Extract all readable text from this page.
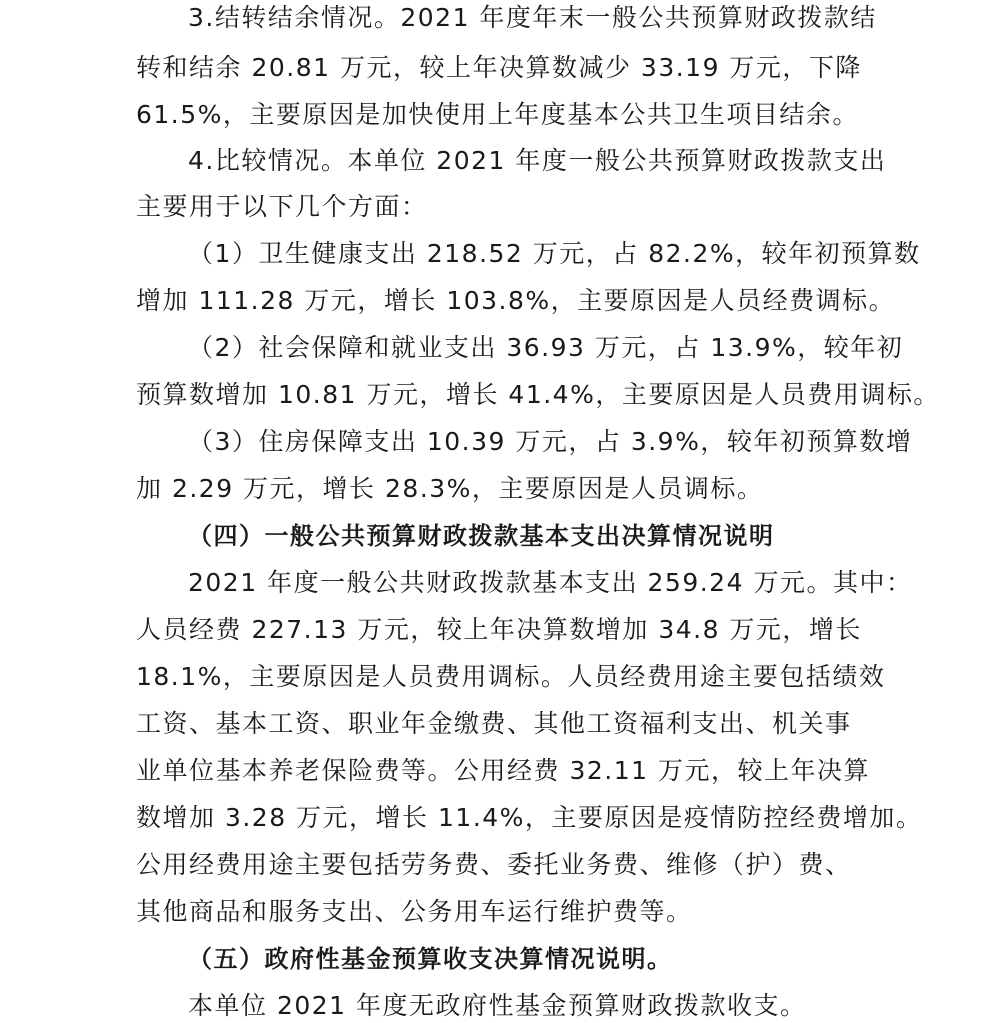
3.结转结余情况。2021 年度年末一般公共预算财政拨款结
转和结余 20.81 万元，较上年决算数减少 33.19 万元，下降
61.5%，主要原因是加快使用上年度基本公共卫生项目结余。
4.比较情况。本单位 2021 年度一般公共预算财政拨款支出
主要用于以下几个方面：
（1）卫生健康支出 218.52 万元，占 82.2%，较年初预算数
增加 111.28 万元，增长 103.8%，主要原因是人员经费调标。
（2）社会保障和就业支出 36.93 万元，占 13.9%，较年初
预算数增加 10.81 万元，增长 41.4%，主要原因是人员费用调标。
（3）住房保障支出 10.39 万元，占 3.9%，较年初预算数增
加 2.29 万元，增长 28.3%，主要原因是人员调标。
（四）一般公共预算财政拨款基本支出决算情况说明
2021 年度一般公共财政拨款基本支出 259.24 万元。其中：
人员经费 227.13 万元，较上年决算数增加 34.8 万元，增长
18.1%，主要原因是人员费用调标。人员经费用途主要包括绩效
工资、基本工资、职业年金缴费、其他工资福利支出、机关事
业单位基本养老保险费等。公用经费 32.11 万元，较上年决算
数增加 3.28 万元，增长 11.4%，主要原因是疫情防控经费增加。
公用经费用途主要包括劳务费、委托业务费、维修（护）费、
其他商品和服务支出、公务用车运行维护费等。
（五）政府性基金预算收支决算情况说明。
本单位 2021 年度无政府性基金预算财政拨款收支。
